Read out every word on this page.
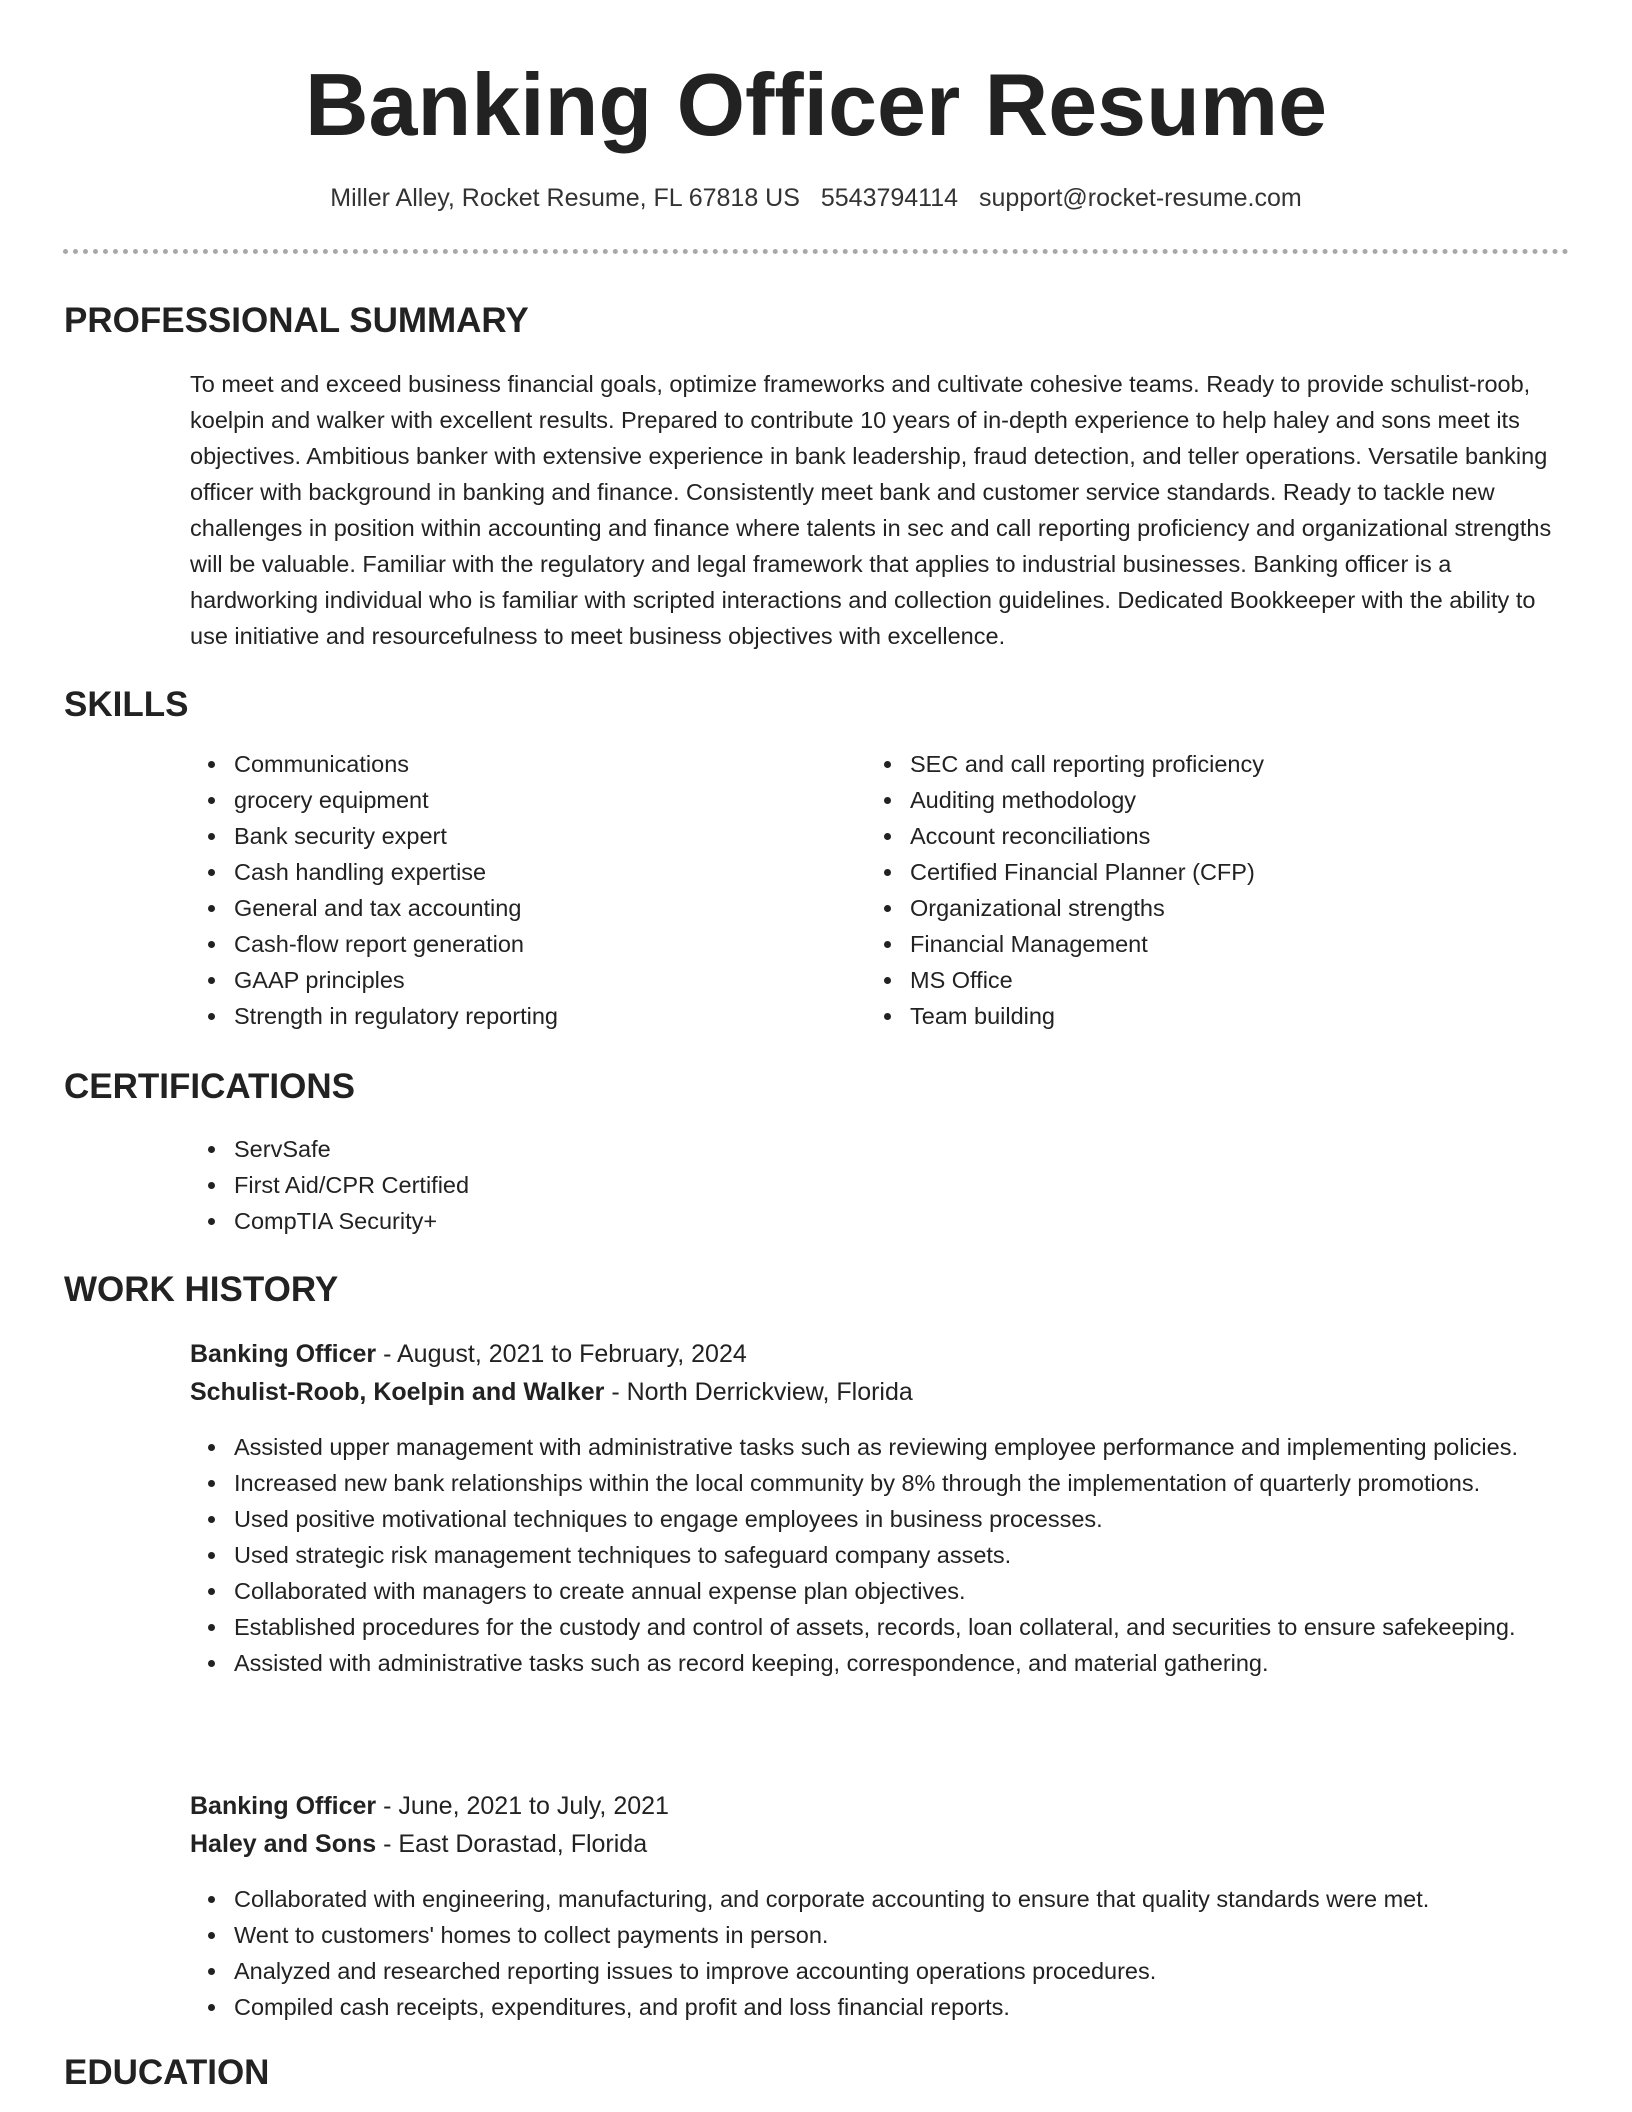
Banking Officer Resume
Miller Alley, Rocket Resume, FL 67818 US 5543794114 support@rocket-resume.com
PROFESSIONAL SUMMARY

To meet and exceed business financial goals, optimize frameworks and cultivate cohesive teams. Ready to provide schulist-roob, koelpin and walker with excellent results. Prepared to contribute 10 years of in-depth experience to help haley and sons meet its objectives. Ambitious banker with extensive experience in bank leadership, fraud detection, and teller operations. Versatile banking officer with background in banking and finance. Consistently meet bank and customer service standards. Ready to tackle new challenges in position within accounting and finance where talents in sec and call reporting proficiency and organizational strengths will be valuable. Familiar with the regulatory and legal framework that applies to industrial businesses. Banking officer is a hardworking individual who is familiar with scripted interactions and collection guidelines. Dedicated Bookkeeper with the ability to use initiative and resourcefulness to meet business objectives with excellence.

SKILLS
Communications
grocery equipment
Bank security expert
Cash handling expertise
General and tax accounting
Cash-flow report generation
GAAP principles
Strength in regulatory reporting
SEC and call reporting proficiency
Auditing methodology
Account reconciliations
Certified Financial Planner (CFP)
Organizational strengths
Financial Management
MS Office
Team building
CERTIFICATIONS
ServSafe
First Aid/CPR Certified
CompTIA Security+
WORK HISTORY
Banking Officer - August, 2021 to February, 2024
Schulist-Roob, Koelpin and Walker - North Derrickview, Florida
Assisted upper management with administrative tasks such as reviewing employee performance and implementing policies.
Increased new bank relationships within the local community by 8% through the implementation of quarterly promotions.
Used positive motivational techniques to engage employees in business processes.
Used strategic risk management techniques to safeguard company assets.
Collaborated with managers to create annual expense plan objectives.
Established procedures for the custody and control of assets, records, loan collateral, and securities to ensure safekeeping.
Assisted with administrative tasks such as record keeping, correspondence, and material gathering.
Banking Officer - June, 2021 to July, 2021
Haley and Sons - East Dorastad, Florida
Collaborated with engineering, manufacturing, and corporate accounting to ensure that quality standards were met.
Went to customers' homes to collect payments in person.
Analyzed and researched reporting issues to improve accounting operations procedures.
Compiled cash receipts, expenditures, and profit and loss financial reports.
EDUCATION
